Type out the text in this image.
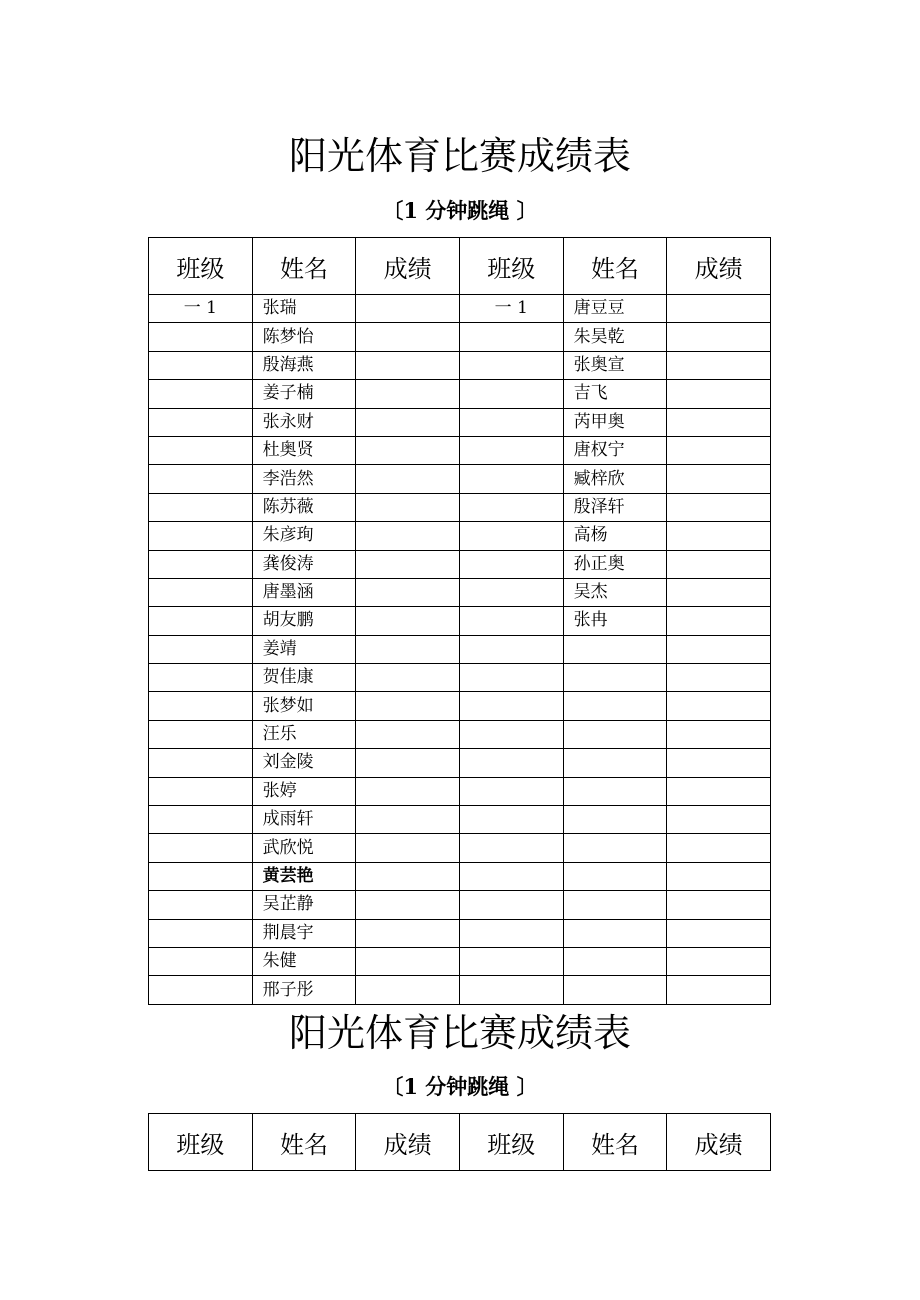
阳光体育比赛成绩表
〔1 分钟跳绳 〕
班级	姓名	成绩	班级	姓名	成绩
一 1	张瑞		一 1	唐豆豆	
	陈梦怡			朱昊乾	
	殷海燕			张奥宣	
	姜子楠			吉飞	
	张永财			芮甲奥	
	杜奥贤			唐权宁	
	李浩然			臧梓欣	
	陈苏薇			殷泽轩	
	朱彦珣			高杨	
	龚俊涛			孙正奥	
	唐墨涵			吴杰	
	胡友鹏			张冉	
	姜靖				
	贺佳康				
	张梦如				
	汪乐				
	刘金陵				
	张婷				
	成雨轩				
	武欣悦				
	黄芸艳				
	吴芷静				
	荆晨宇				
	朱健				
	邢子彤				
阳光体育比赛成绩表
〔1 分钟跳绳 〕
班级	姓名	成绩	班级	姓名	成绩
